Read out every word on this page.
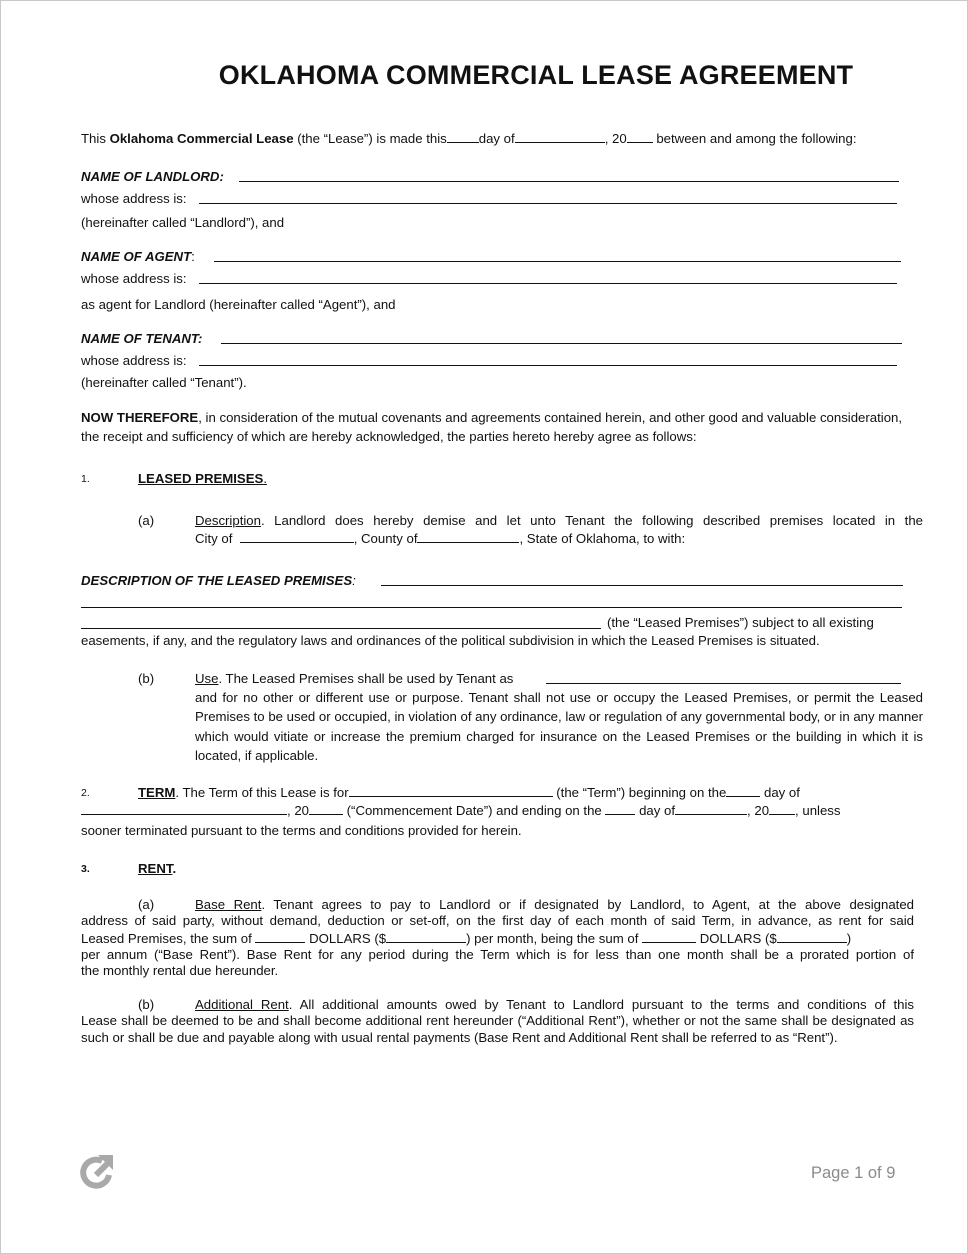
OKLAHOMA COMMERCIAL LEASE AGREEMENT
This Oklahoma Commercial Lease (the “Lease”) is made this day of	, 20 between and among the following:
NAME OF LANDLORD:
whose address is:
(hereinafter called “Landlord”), and
NAME OF AGENT:
whose address is:
as agent for Landlord (hereinafter called “Agent”), and
NAME OF TENANT:
whose address is:
(hereinafter called “Tenant”).
NOW THEREFORE, in consideration of the mutual covenants and agreements contained herein, and other good and valuable consideration, the receipt and sufficiency of which are hereby acknowledged, the parties hereto hereby agree as follows:
1.	LEASED PREMISES.
(a)	Description. Landlord does hereby demise and let unto Tenant the following described premises located in the
City of	, County of	, State of Oklahoma, to with:
DESCRIPTION OF THE LEASED PREMISES:
(the “Leased Premises”) subject to all existing
easements, if any, and the regulatory laws and ordinances of the political subdivision in which the Leased Premises is situated.
(b)	Use. The Leased Premises shall be used by Tenant as
and for no other or different use or purpose. Tenant shall not use or occupy the Leased Premises, or permit the Leased Premises to be used or occupied, in violation of any ordinance, law or regulation of any governmental body, or in any manner which would vitiate or increase the premium charged for insurance on the Leased Premises or the building in which it is located, if applicable.
2.	TERM. The Term of this Lease is for	(the “Term”) beginning on the	day of
, 20	(“Commencement Date”) and ending on the	day of	, 20 , unless
sooner terminated pursuant to the terms and conditions provided for herein.
3.	RENT.
(a)	Base Rent. Tenant agrees to pay to Landlord or if designated by Landlord, to Agent, at the above designated
address of said party, without demand, deduction or set-off, on the first day of each month of said Term, in advance, as rent for said
Leased Premises, the sum of	DOLLARS ($	) per month, being the sum of	DOLLARS ($	)
per annum (“Base Rent”). Base Rent for any period during the Term which is for less than one month shall be a prorated portion of
the monthly rental due hereunder.
(b)	Additional Rent. All additional amounts owed by Tenant to Landlord pursuant to the terms and conditions of this
Lease shall be deemed to be and shall become additional rent hereunder (“Additional Rent”), whether or not the same shall be designated as such or shall be due and payable along with usual rental payments (Base Rent and Additional Rent shall be referred to as “Rent”).
Page 1 of 9
